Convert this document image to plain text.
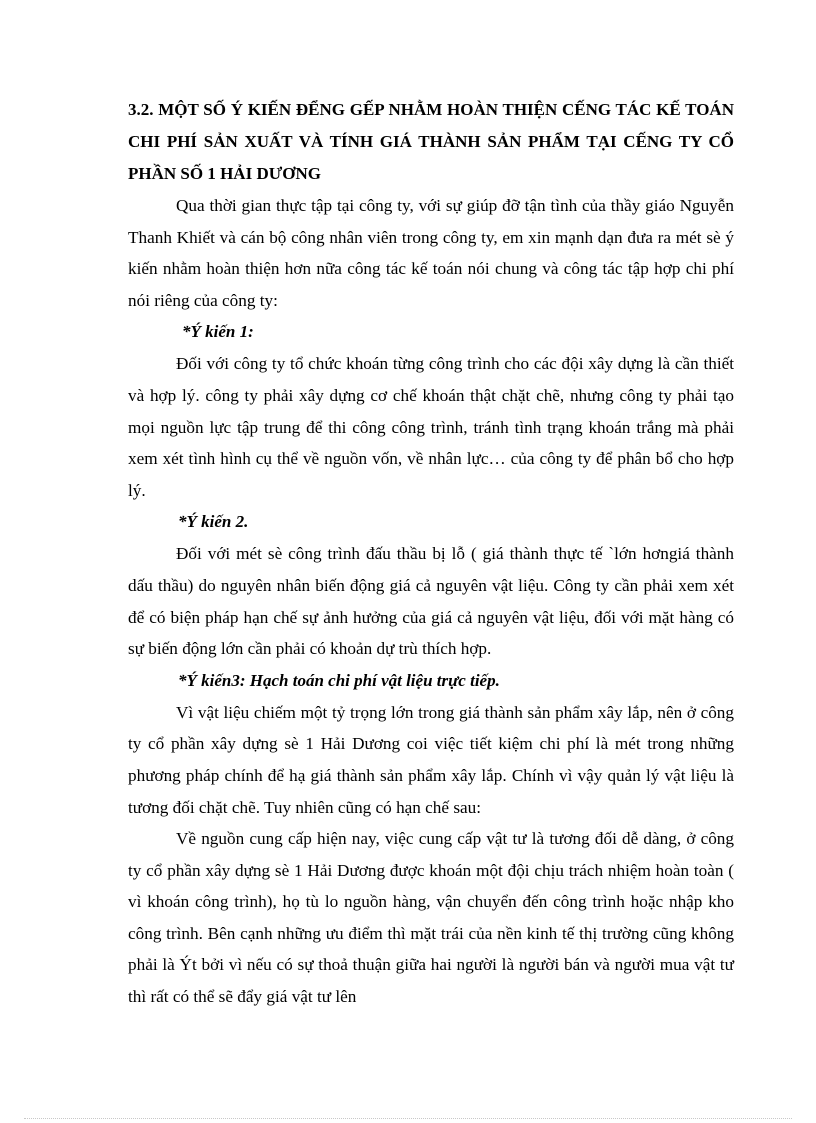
3.2. MỘT SỐ Ý KIẾN ĐỂNG GẾP NHẰM HOÀN THIỆN CẾNG TÁC KẾ TOÁN CHI PHÍ SẢN XUẤT VÀ TÍNH GIÁ THÀNH SẢN PHẨM TẠI CẾNG TY CỔ PHẦN SỐ 1 HẢI DƯƠNG

Qua thời gian thực tập tại công ty, với sự giúp đỡ tận tình của thầy giáo Nguyễn Thanh Khiết và cán bộ công nhân viên trong công ty, em xin mạnh dạn đưa ra mét sè ý kiến nhằm hoàn thiện hơn nữa công tác kế toán nói chung và công tác tập hợp chi phí nói riêng của công ty:

*Ý kiến 1:

Đối với công ty tổ chức khoán từng công trình cho các đội xây dựng là cần thiết và hợp lý. công ty phải xây dựng cơ chế khoán thật chặt chẽ, nhưng công ty phải tạo mọi nguồn lực tập trung để thi công công trình, tránh tình trạng khoán trắng mà phải xem xét tình hình cụ thể về nguồn vốn, về nhân lực… của công ty để phân bổ cho hợp lý.

*Ý kiến 2.

Đối với mét sè công trình đấu thầu bị lỗ ( giá thành thực tế `lớn hơngiá thành dấu thầu) do nguyên nhân biến động giá cả nguyên vật liệu. Công ty cần phải xem xét để có biện pháp hạn chế sự ảnh hưởng của giá cả nguyên vật liệu, đối với mặt hàng có sự biến động lớn cần phải có khoản dự trù thích hợp.

*Ý kiến3: Hạch toán chi phí vật liệu trực tiếp.

Vì vật liệu chiếm một tỷ trọng lớn trong giá thành sản phẩm xây lắp, nên ở công ty cổ phần xây dựng sè 1 Hải Dương coi việc tiết kiệm chi phí là mét trong những phương pháp chính để hạ giá thành sản phẩm xây lắp. Chính vì vậy quản lý vật liệu là tương đối chặt chẽ. Tuy nhiên cũng có hạn chế sau:

Về nguồn cung cấp hiện nay, việc cung cấp vật tư là tương đối dễ dàng, ở công ty cổ phần xây dựng sè 1 Hải Dương được khoán một đội chịu trách nhiệm hoàn toàn ( vì khoán công trình), họ tù lo nguồn hàng, vận chuyển đến công trình hoặc nhập kho công trình. Bên cạnh những ưu điểm thì mặt trái của nền kinh tế thị trường cũng không phải là Ýt bởi vì nếu có sự thoả thuận giữa hai người là người bán và người mua vật tư thì rất có thể sẽ đẩy giá vật tư lên
